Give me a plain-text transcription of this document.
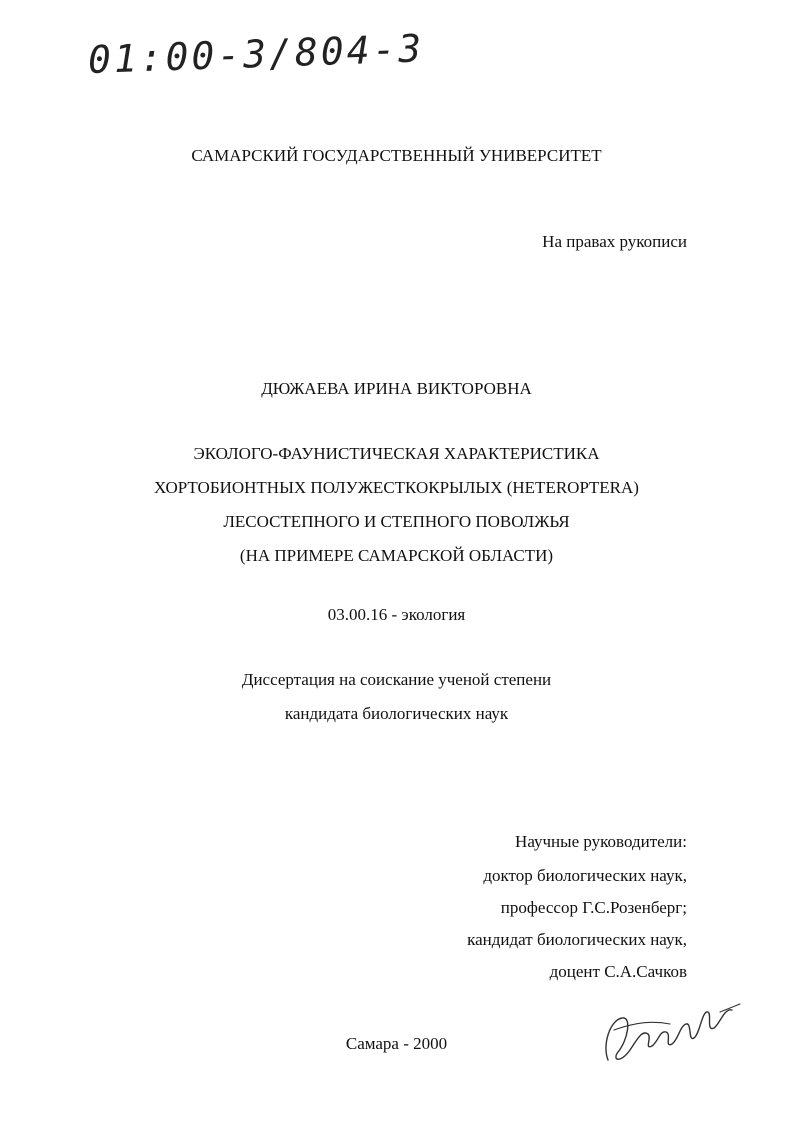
01:00-3/804-3
САМАРСКИЙ ГОСУДАРСТВЕННЫЙ УНИВЕРСИТЕТ
На правах рукописи
ДЮЖАЕВА ИРИНА ВИКТОРОВНА
ЭКОЛОГО-ФАУНИСТИЧЕСКАЯ ХАРАКТЕРИСТИКА
ХОРТОБИОНТНЫХ ПОЛУЖЕСТКОКРЫЛЫХ (HETEROPTERA)
ЛЕСОСТЕПНОГО И СТЕПНОГО ПОВОЛЖЬЯ
(НА ПРИМЕРЕ САМАРСКОЙ ОБЛАСТИ)
03.00.16 - экология
Диссертация на соискание ученой степени
кандидата биологических наук
Научные руководители:
доктор биологических наук,
профессор Г.С.Розенберг;
кандидат биологических наук,
доцент С.А.Сачков
Самара - 2000
